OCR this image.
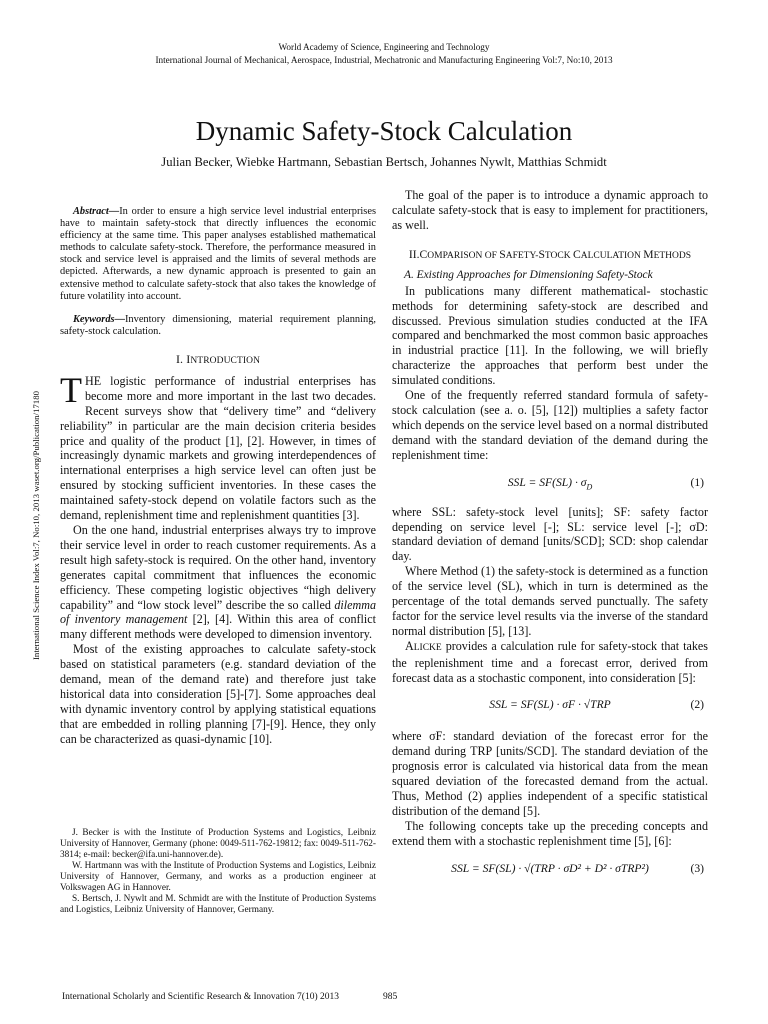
World Academy of Science, Engineering and Technology
International Journal of Mechanical, Aerospace, Industrial, Mechatronic and Manufacturing Engineering Vol:7, No:10, 2013
Dynamic Safety-Stock Calculation
Julian Becker, Wiebke Hartmann, Sebastian Bertsch, Johannes Nywlt, Matthias Schmidt
International Science Index Vol:7, No:10, 2013 waset.org/Publication/17180

Abstract—In order to ensure a high service level industrial enterprises have to maintain safety-stock that directly influences the economic efficiency at the same time. This paper analyses established mathematical methods to calculate safety-stock. Therefore, the performance measured in stock and service level is appraised and the limits of several methods are depicted. Afterwards, a new dynamic approach is presented to gain an extensive method to calculate safety-stock that also takes the knowledge of future volatility into account.

Keywords—Inventory dimensioning, material requirement planning, safety-stock calculation.

I. INTRODUCTION

THE logistic performance of industrial enterprises has become more and more important in the last two decades. Recent surveys show that “delivery time” and “delivery reliability” in particular are the main decision criteria besides price and quality of the product [1], [2]. However, in times of increasingly dynamic markets and growing interdependences of international enterprises a high service level can often just be ensured by stocking sufficient inventories. In these cases the maintained safety-stock depend on volatile factors such as the demand, replenishment time and replenishment quantities [3].

On the one hand, industrial enterprises always try to improve their service level in order to reach customer requirements. As a result high safety-stock is required. On the other hand, inventory generates capital commitment that influences the economic efficiency. These competing logistic objectives “high delivery capability” and “low stock level” describe the so called dilemma of inventory management [2], [4]. Within this area of conflict many different methods were developed to dimension inventory.

Most of the existing approaches to calculate safety-stock based on statistical parameters (e.g. standard deviation of the demand, mean of the demand rate) and therefore just take historical data into consideration [5]-[7]. Some approaches deal with dynamic inventory control by applying statistical equations that are embedded in rolling planning [7]-[9]. Hence, they only can be characterized as quasi-dynamic [10].

J. Becker is with the Institute of Production Systems and Logistics, Leibniz University of Hannover, Germany (phone: 0049-511-762-19812; fax: 0049-511-762- 3814; e-mail: becker@ifa.uni-hannover.de).

W. Hartmann was with the Institute of Production Systems and Logistics, Leibniz University of Hannover, Germany, and works as a production engineer at Volkswagen AG in Hannover.

S. Bertsch, J. Nywlt and M. Schmidt are with the Institute of Production Systems and Logistics, Leibniz University of Hannover, Germany.

The goal of the paper is to introduce a dynamic approach to calculate safety-stock that is easy to implement for practitioners, as well.

II.COMPARISON OF SAFETY-STOCK CALCULATION METHODS
A. Existing Approaches for Dimensioning Safety-Stock

In publications many different mathematical- stochastic methods for determining safety-stock are described and discussed. Previous simulation studies conducted at the IFA compared and benchmarked the most common basic approaches in industrial practice [11]. In the following, we will briefly characterize the approaches that perform best under the simulated conditions.

One of the frequently referred standard formula of safety-stock calculation (see a. o. [5], [12]) multiplies a safety factor which depends on the service level based on a normal distributed demand with the standard deviation of the demand during the replenishment time:

SSL = $SF(SL) \cdot \sigma_D$	(1)

where SSL: safety-stock level [units]; SF: safety factor depending on service level [-]; SL: service level [-]; σD: standard deviation of demand [units/SCD]; SCD: shop calendar day.

Where Method (1) the safety-stock is determined as a function of the service level (SL), which in turn is determined as the percentage of the total demands served punctually. The safety factor for the service level results via the inverse of the standard normal distribution [5], [13].

ALICKE provides a calculation rule for safety-stock that takes the replenishment time and a forecast error, derived from forecast data as a stochastic component, into consideration [5]:

SSL = SF(SL) · σF · √TRP	(2)

where σF: standard deviation of the forecast error for the demand during TRP [units/SCD]. The standard deviation of the prognosis error is calculated via historical data from the mean squared deviation of the forecasted demand from the actual. Thus, Method (2) applies independent of a specific statistical distribution of the demand [5].

The following concepts take up the preceding concepts and extend them with a stochastic replenishment time [5], [6]:

SSL = SF(SL) · √(TRP · σD² + D² · σTRP²)	(3)
International Scholarly and Scientific Research & Innovation 7(10) 2013	985
